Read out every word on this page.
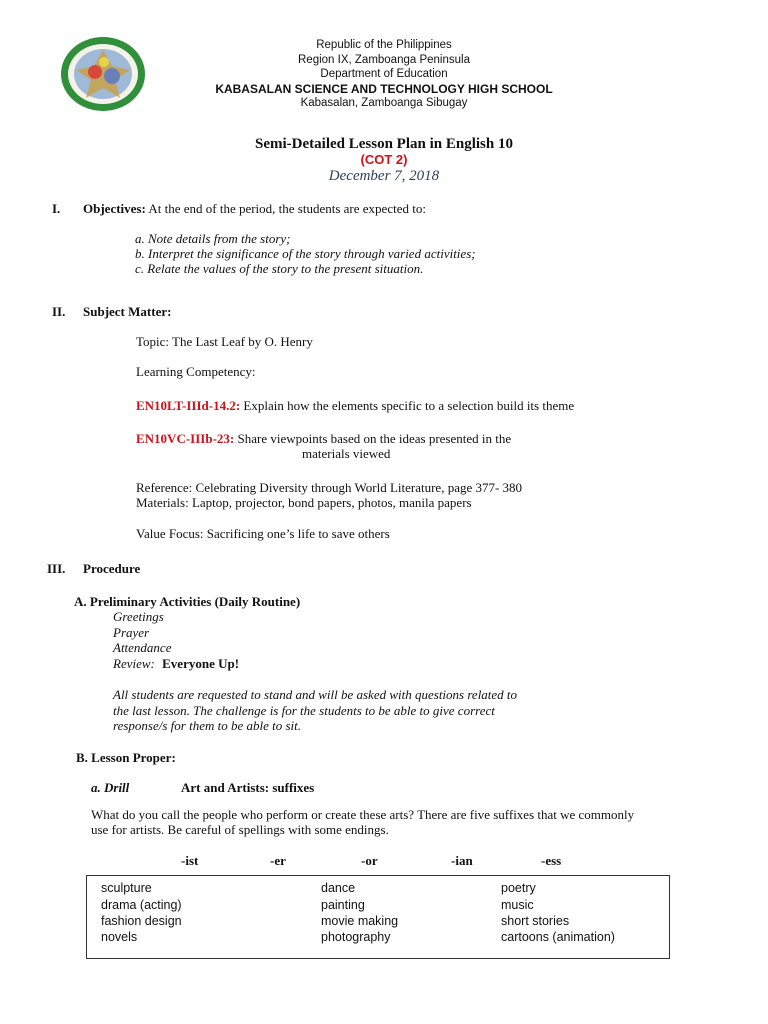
Republic of the Philippines
Region IX, Zamboanga Peninsula
Department of Education
KABASALAN SCIENCE AND TECHNOLOGY HIGH SCHOOL
Kabasalan, Zamboanga Sibugay
Semi-Detailed Lesson Plan in English 10
(COT 2)
December 7, 2018
I. Objectives: At the end of the period, the students are expected to:
a. Note details from the story;
b. Interpret the significance of the story through varied activities;
c. Relate the values of the story to the present situation.
II. Subject Matter:
Topic: The Last Leaf by O. Henry
Learning Competency:
EN10LT-IIId-14.2: Explain how the elements specific to a selection build its theme
EN10VC-IIIb-23: Share viewpoints based on the ideas presented in the
materials viewed
Reference: Celebrating Diversity through World Literature, page 377- 380
Materials: Laptop, projector, bond papers, photos, manila papers
Value Focus: Sacrificing one’s life to save others
III. Procedure
A. Preliminary Activities (Daily Routine)
Greetings
Prayer
Attendance
Review: Everyone Up!
All students are requested to stand and will be asked with questions related to
the last lesson. The challenge is for the students to be able to give correct
response/s for them to be able to sit.
B. Lesson Proper:
a. Drill	Art and Artists: suffixes
What do you call the people who perform or create these arts? There are five suffixes that we commonly
use for artists. Be careful of spellings with some endings.
-ist	-er	-or	-ian	-ess
sculpture	dance	poetry
drama (acting)	painting	music
fashion design	movie making	short stories
novels	photography	cartoons (animation)
